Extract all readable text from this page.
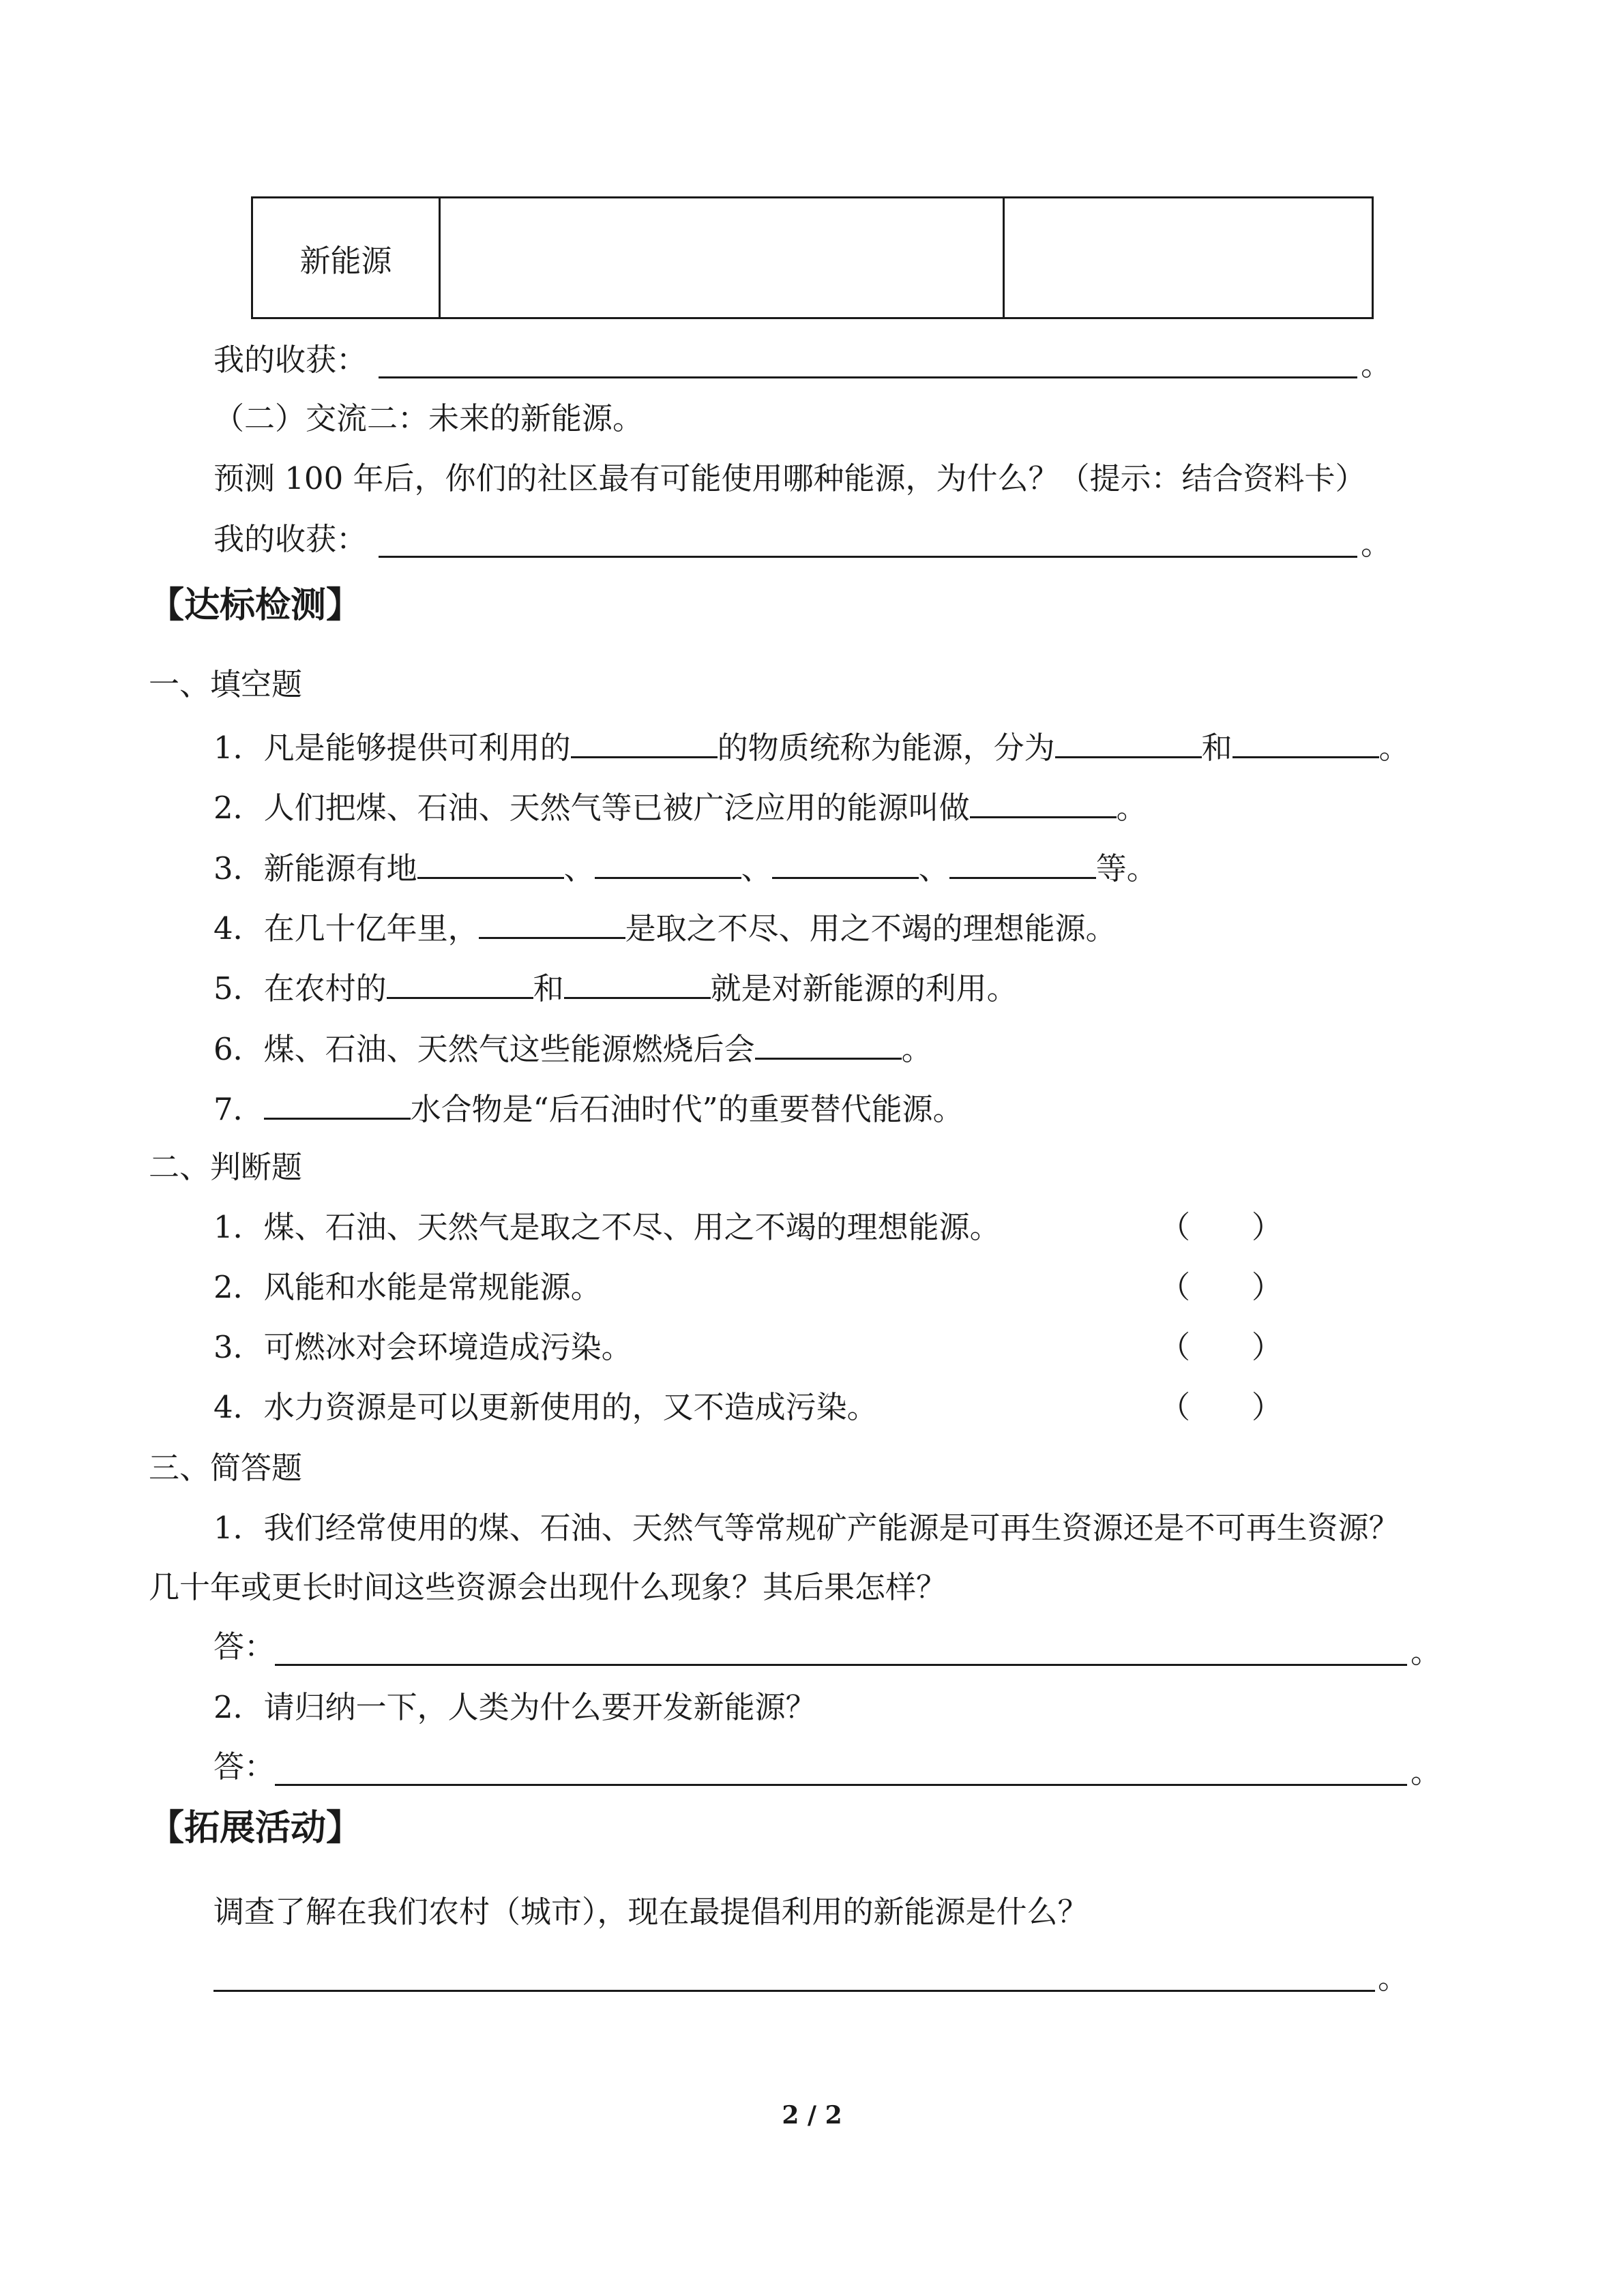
新能源		
我的收获：	。
（二）交流二：未来的新能源。
预测 100 年后，你们的社区最有可能使用哪种能源，为什么？（提示：结合资料卡）
我的收获：	。
【达标检测】
一、填空题
1．凡是能够提供可利用的	的物质统称为能源，分为	和	。
2．人们把煤、石油、天然气等已被广泛应用的能源叫做	。
3．新能源有地	、	、	、	等。
4．在几十亿年里，	是取之不尽、用之不竭的理想能源。
5．在农村的	和	就是对新能源的利用。
6．煤、石油、天然气这些能源燃烧后会	。
7．	水合物是“后石油时代”的重要替代能源。
二、判断题
1．煤、石油、天然气是取之不尽、用之不竭的理想能源。	（　　）
2．风能和水能是常规能源。	（　　）
3．可燃冰对会环境造成污染。	（　　）
4．水力资源是可以更新使用的，又不造成污染。	（　　）
三、简答题
1．我们经常使用的煤、石油、天然气等常规矿产能源是可再生资源还是不可再生资源？
几十年或更长时间这些资源会出现什么现象？其后果怎样？
答：	。
2．请归纳一下，人类为什么要开发新能源？
答：	。
【拓展活动】
调查了解在我们农村（城市），现在最提倡利用的新能源是什么？
。
2 / 2
